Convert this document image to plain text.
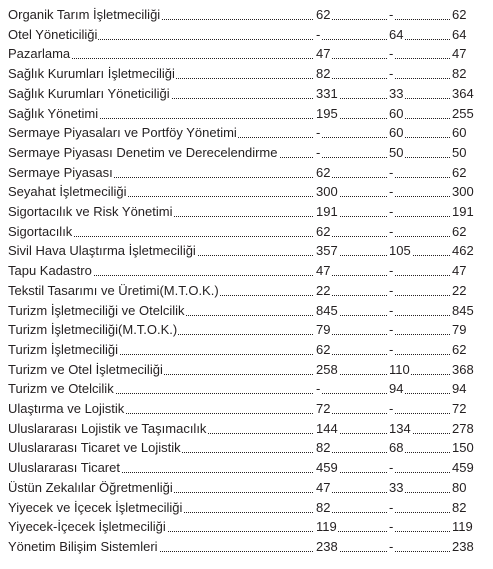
Organik Tarım İşletmeciliği	62	-	62
Otel Yöneticiliği	-	64	64
Pazarlama	47	-	47
Sağlık Kurumları İşletmeciliği	82	-	82
Sağlık Kurumları Yöneticiliği	331	33	364
Sağlık Yönetimi	195	60	255
Sermaye Piyasaları ve Portföy Yönetimi	-	60	60
Sermaye Piyasası Denetim ve Derecelendirme	-	50	50
Sermaye Piyasası	62	-	62
Seyahat İşletmeciliği	300	-	300
Sigortacılık ve Risk Yönetimi	191	-	191
Sigortacılık	62	-	62
Sivil Hava Ulaştırma İşletmeciliği	357	105	462
Tapu Kadastro	47	-	47
Tekstil Tasarımı ve Üretimi(M.T.O.K.)	22	-	22
Turizm İşletmeciliği ve Otelcilik	845	-	845
Turizm İşletmeciliği(M.T.O.K.)	79	-	79
Turizm İşletmeciliği	62	-	62
Turizm ve Otel İşletmeciliği	258	110	368
Turizm ve Otelcilik	-	94	94
Ulaştırma ve Lojistik	72	-	72
Uluslararası Lojistik ve Taşımacılık	144	134	278
Uluslararası Ticaret ve Lojistik	82	68	150
Uluslararası Ticaret	459	-	459
Üstün Zekalılar Öğretmenliği	47	33	80
Yiyecek ve İçecek İşletmeciliği	82	-	82
Yiyecek-İçecek İşletmeciliği	119	-	119
Yönetim Bilişim Sistemleri	238	-	238
